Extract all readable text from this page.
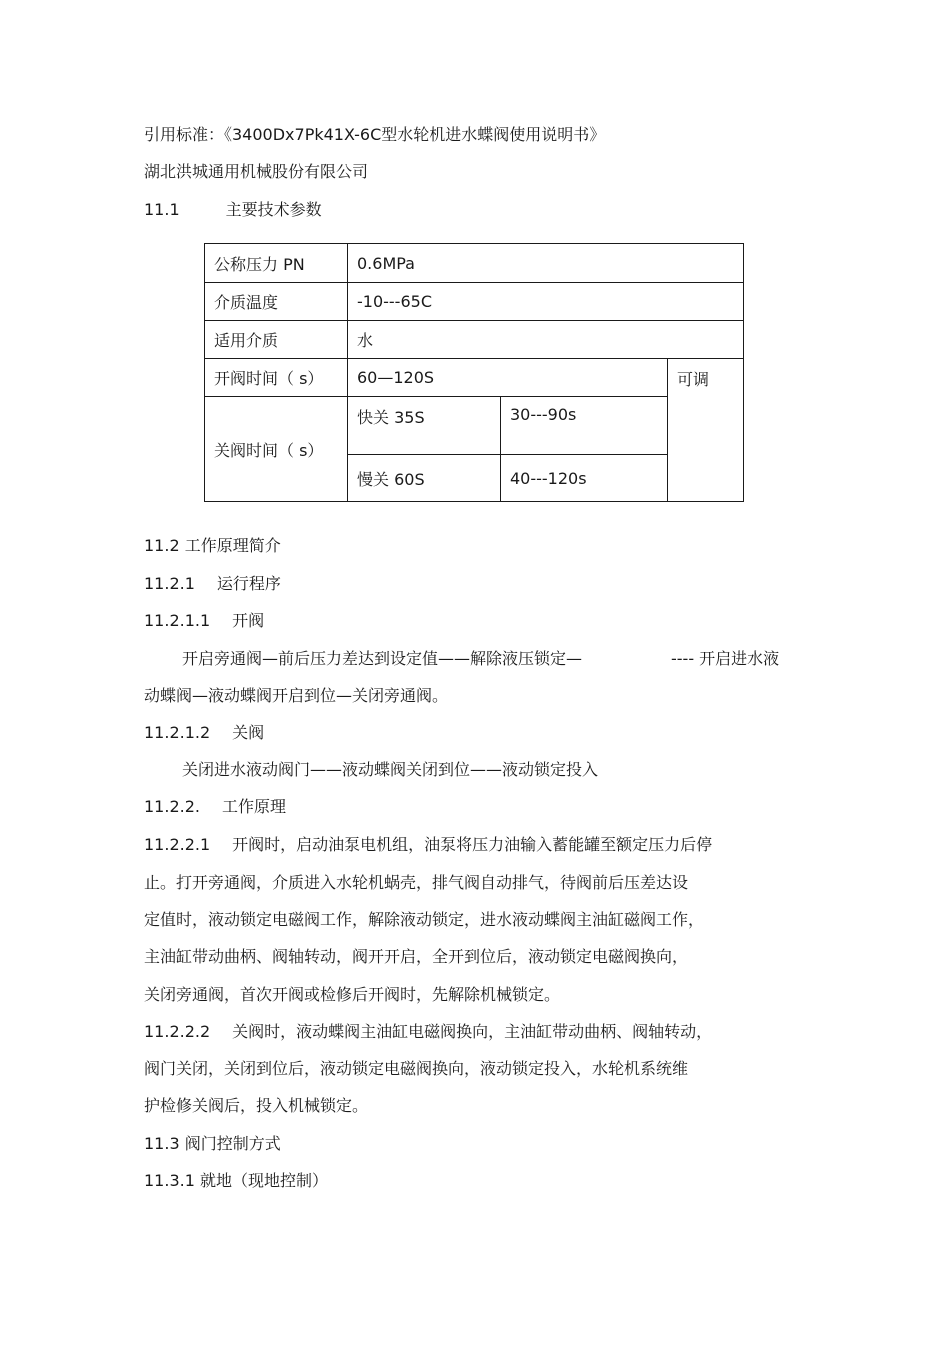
引用标准：《3400Dx7Pk41X-6C型水轮机进水蝶阀使用说明书》
湖北洪城通用机械股份有限公司
11.1	主要技术参数
公称压力 PN	0.6MPa		
介质温度	-10---65C		
适用介质	水		
开阀时间（ s）	60—120S		可调
关阀时间（ s）	快关 35S	30---90s	
	慢关 60S	40---120s	
11.2 工作原理简介
11.2.1 运行程序
11.2.1.1 开阀
开启旁通阀—前后压力差达到设定值——解除液压锁定—	---- 开启进水液
动蝶阀—液动蝶阀开启到位—关闭旁通阀。
11.2.1.2 关阀
关闭进水液动阀门——液动蝶阀关闭到位——液动锁定投入
11.2.2. 工作原理
11.2.2.1 开阀时，启动油泵电机组，油泵将压力油输入蓄能罐至额定压力后停
止。打开旁通阀，介质进入水轮机蜗壳，排气阀自动排气，待阀前后压差达设
定值时，液动锁定电磁阀工作，解除液动锁定，进水液动蝶阀主油缸磁阀工作，
主油缸带动曲柄、阀轴转动，阀开开启，全开到位后，液动锁定电磁阀换向，
关闭旁通阀，首次开阀或检修后开阀时，先解除机械锁定。
11.2.2.2 关阀时，液动蝶阀主油缸电磁阀换向，主油缸带动曲柄、阀轴转动，
阀门关闭，关闭到位后，液动锁定电磁阀换向，液动锁定投入，水轮机系统维
护检修关阀后，投入机械锁定。
11.3 阀门控制方式
11.3.1 就地（现地控制）
